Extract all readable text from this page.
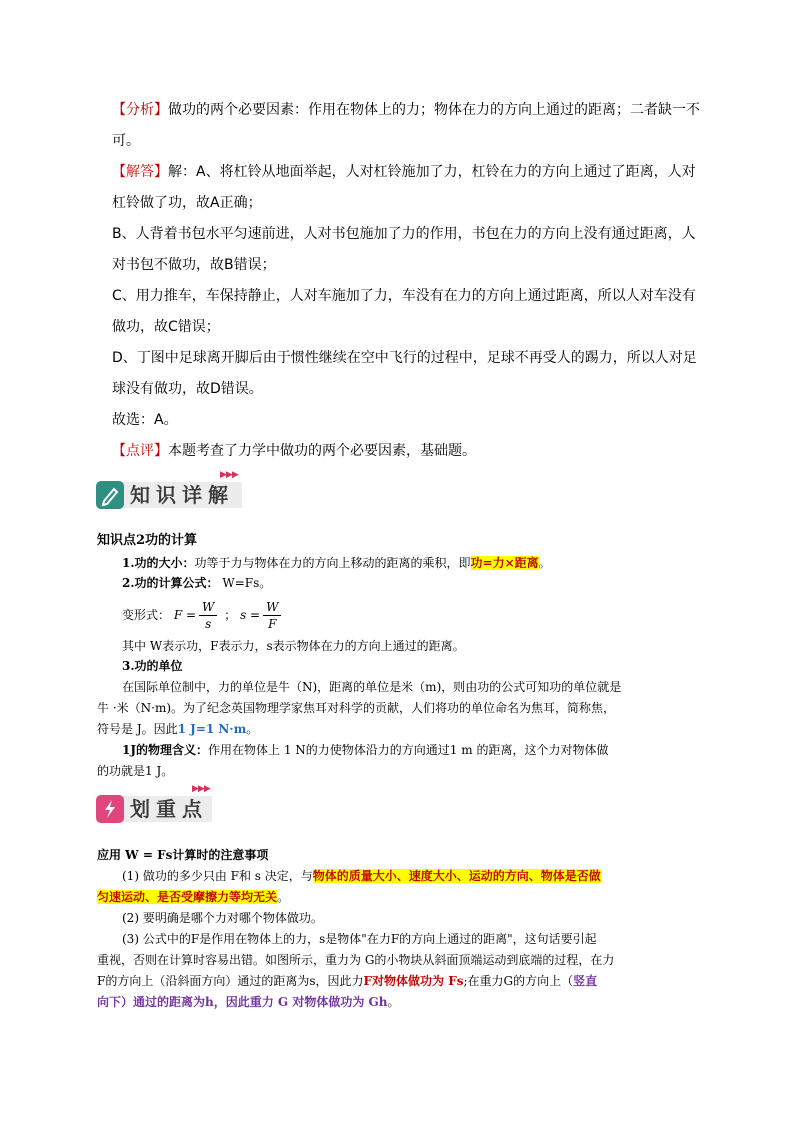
【分析】做功的两个必要因素：作用在物体上的力；物体在力的方向上通过的距离；二者缺一不
可。
【解答】解：A、将杠铃从地面举起，人对杠铃施加了力，杠铃在力的方向上通过了距离，人对
杠铃做了功，故A正确；
B、人背着书包水平匀速前进，人对书包施加了力的作用，书包在力的方向上没有通过距离，人
对书包不做功，故B错误；
C、用力推车，车保持静止，人对车施加了力，车没有在力的方向上通过距离，所以人对车没有
做功，故C错误；
D、丁图中足球离开脚后由于惯性继续在空中飞行的过程中，足球不再受人的踢力，所以人对足
球没有做功，故D错误。
故选：A。
【点评】本题考查了力学中做功的两个必要因素，基础题。
知识详解
▶▶▶
知识点2功的计算
1.功的大小：功等于力与物体在力的方向上移动的距离的乘积，即功=力×距离。
2.功的计算公式： W=Fs。
变形式： $F = \frac{W}{s}$ ； $s = \frac{W}{F}$
其中 W表示功，F表示力，s表示物体在力的方向上通过的距离。
3.功的单位
在国际单位制中，力的单位是牛（N)，距离的单位是米（m)，则由功的公式可知功的单位就是
牛 ·米（N·m)。为了纪念英国物理学家焦耳对科学的贡献，人们将功的单位命名为焦耳，简称焦，
符号是 J。因此1 J=1 N·m。
1J的物理含义：作用在物体上 1 N的力使物体沿力的方向通过1 m 的距离，这个力对物体做
的功就是1 J。
划重点
▶▶▶
应用 W = Fs计算时的注意事项
(1) 做功的多少只由 F和 s 决定，与物体的质量大小、速度大小、运动的方向、物体是否做
匀速运动、是否受摩擦力等均无关。
(2) 要明确是哪个力对哪个物体做功。
(3) 公式中的F是作用在物体上的力，s是物体"在力F的方向上通过的距离"，这句话要引起
重视，否则在计算时容易出错。如图所示，重力为 G的小物块从斜面顶端运动到底端的过程，在力
F的方向上（沿斜面方向）通过的距离为s，因此力F对物体做功为 Fs;在重力G的方向上（竖直
向下）通过的距离为h，因此重力 G 对物体做功为 Gh。
